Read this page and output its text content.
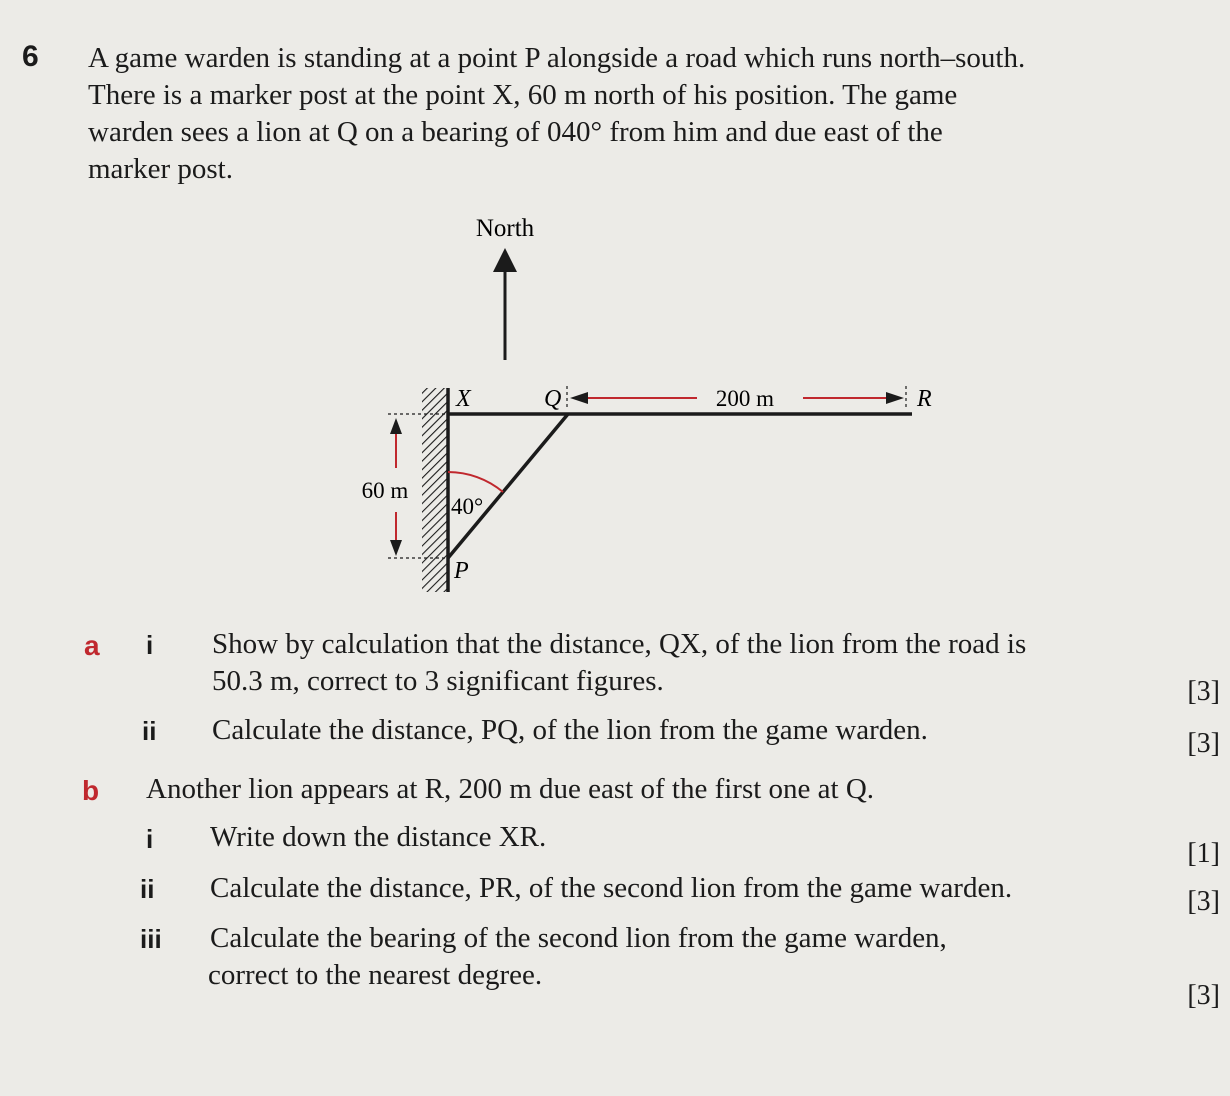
6 A game warden is standing at a point P alongside a road which runs north–south.
There is a marker post at the point X, 60 m north of his position. The game
warden sees a lion at Q on a bearing of 040° from him and due east of the
marker post.
North
40°
X	Q	R
P
200 m
60 m
a i Show by calculation that the distance, QX, of the lion from the road is
50.3 m, correct to 3 significant figures.	[3]
ii Calculate the distance, PQ, of the lion from the game warden.	[3]
b Another lion appears at R, 200 m due east of the first one at Q.
i Write down the distance XR.
[1]
ii Calculate the distance, PR, of the second lion from the game warden.	[3]
iii Calculate the bearing of the second lion from the game warden,
correct to the nearest degree.
[3]
